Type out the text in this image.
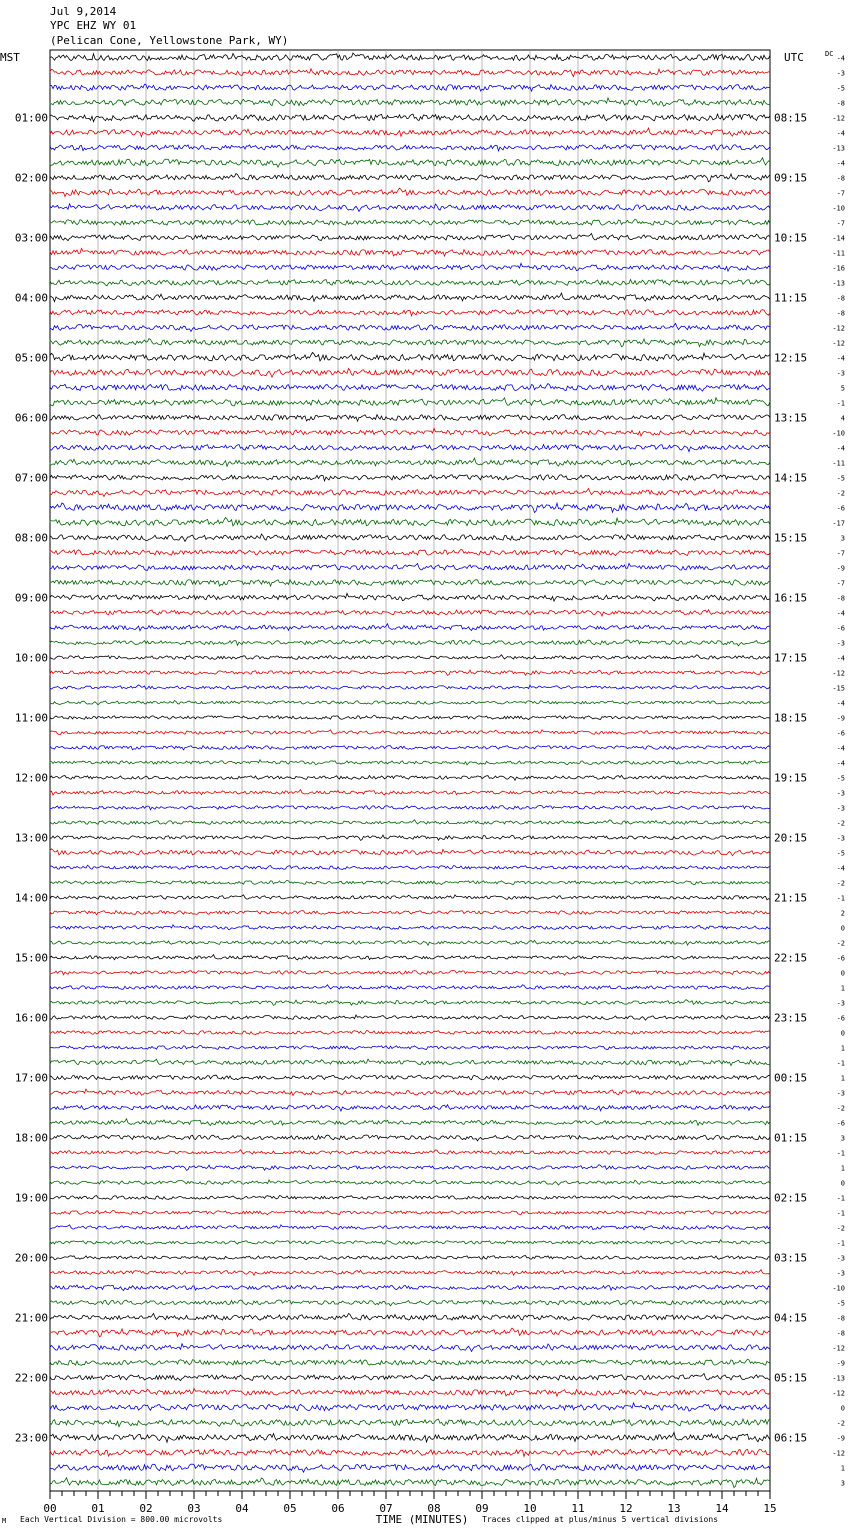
Jul 9,2014
YPC EHZ WY 01
(Pelican Cone, Yellowstone Park, WY)
MST	UTC	DC
01:00
02:00
03:00
04:00
05:00
06:00
07:00
08:00
09:00
10:00
11:00
12:00
13:00
14:00
15:00
16:00
17:00
18:00
19:00
20:00
21:00
22:00
23:00
08:15
09:15
10:15
11:15
12:15
13:15
14:15
15:15
16:15
17:15
18:15
19:15
20:15
21:15
22:15
23:15
00:15
01:15
02:15
03:15
04:15
05:15
06:15
-4
-3
-5
-8
-12
-4
-13
-4
-8
-7
-10
-7
-14
-11
-16
-13
-8
-8
-12
-12
-4
-3
5
-1
4
-10
-4
-11
-5
-2
-6
-17
3
-7
-9
-7
-8
-4
-6
-3
-4
-12
-15
-4
-9
-6
-4
-4
-5
-3
-3
-2
-3
-5
-4
-2
-1
2
0
-2
-6
0
1
-3
-6
0
1
-1
1
-3
-2
-6
3
-1
1
0
-1
-1
-2
-1
-3
-3
-10
-5
-8
-8
-12
-9
-13
-12
0
-2
-9
-12
1
3
00	01	02	03	04	05	06	07	08	09	10	11	12	13	14	15
TIME (MINUTES)
M Each Vertical Division = 800.00 microvolts	Traces clipped at plus/minus 5 vertical divisions
